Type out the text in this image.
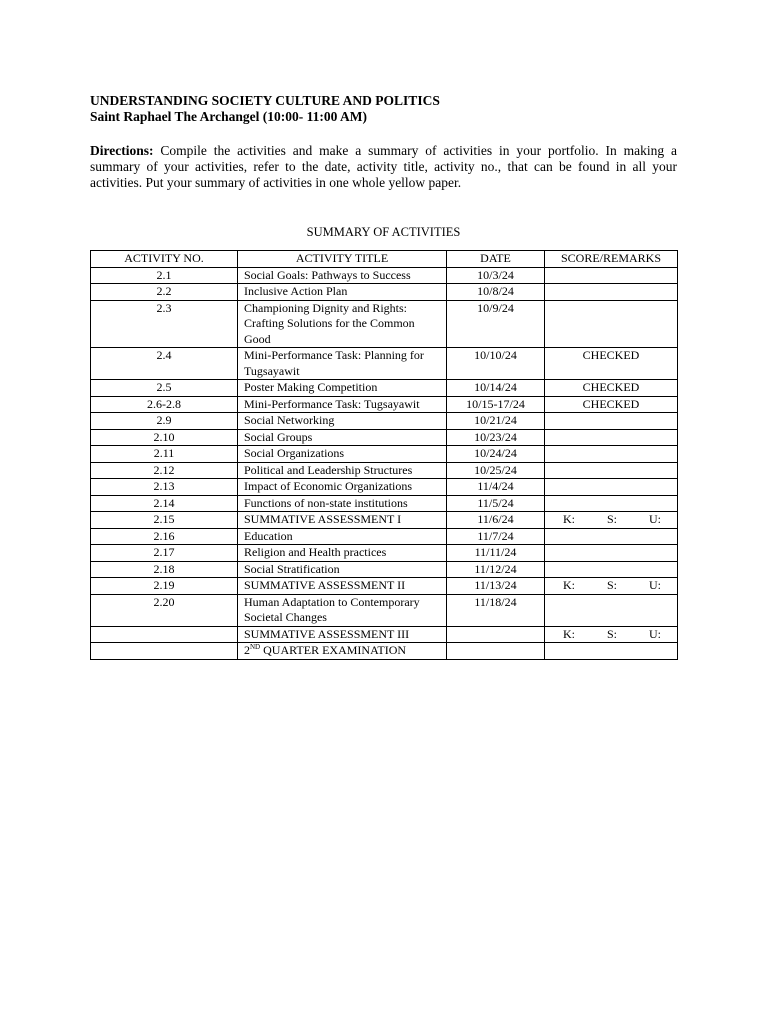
UNDERSTANDING SOCIETY CULTURE AND POLITICS
Saint Raphael The Archangel (10:00- 11:00 AM)
Directions: Compile the activities and make a summary of activities in your portfolio. In making a summary of your activities, refer to the date, activity title, activity no., that can be found in all your activities. Put your summary of activities in one whole yellow paper.
SUMMARY OF ACTIVITIES
ACTIVITY NO.	ACTIVITY TITLE	DATE	SCORE/REMARKS
2.1	Social Goals: Pathways to Success	10/3/24	
2.2	Inclusive Action Plan	10/8/24	
2.3	Championing Dignity and Rights: Crafting Solutions for the Common Good	10/9/24	
2.4	Mini-Performance Task: Planning for Tugsayawit	10/10/24	CHECKED
2.5	Poster Making Competition	10/14/24	CHECKED
2.6-2.8	Mini-Performance Task: Tugsayawit	10/15-17/24	CHECKED
2.9	Social Networking	10/21/24	
2.10	Social Groups	10/23/24	
2.11	Social Organizations	10/24/24	
2.12	Political and Leadership Structures	10/25/24	
2.13	Impact of Economic Organizations	11/4/24	
2.14	Functions of non-state institutions	11/5/24	
2.15	SUMMATIVE ASSESSMENT I	11/6/24	K: S: U:

2.16	Education	11/7/24	
2.17	Religion and Health practices	11/11/24	
2.18	Social Stratification	11/12/24	
2.19	SUMMATIVE ASSESSMENT II	11/13/24	K: S: U:

2.20	Human Adaptation to Contemporary Societal Changes	11/18/24	
	SUMMATIVE ASSESSMENT III		K: S: U:

	2ND QUARTER EXAMINATION		
